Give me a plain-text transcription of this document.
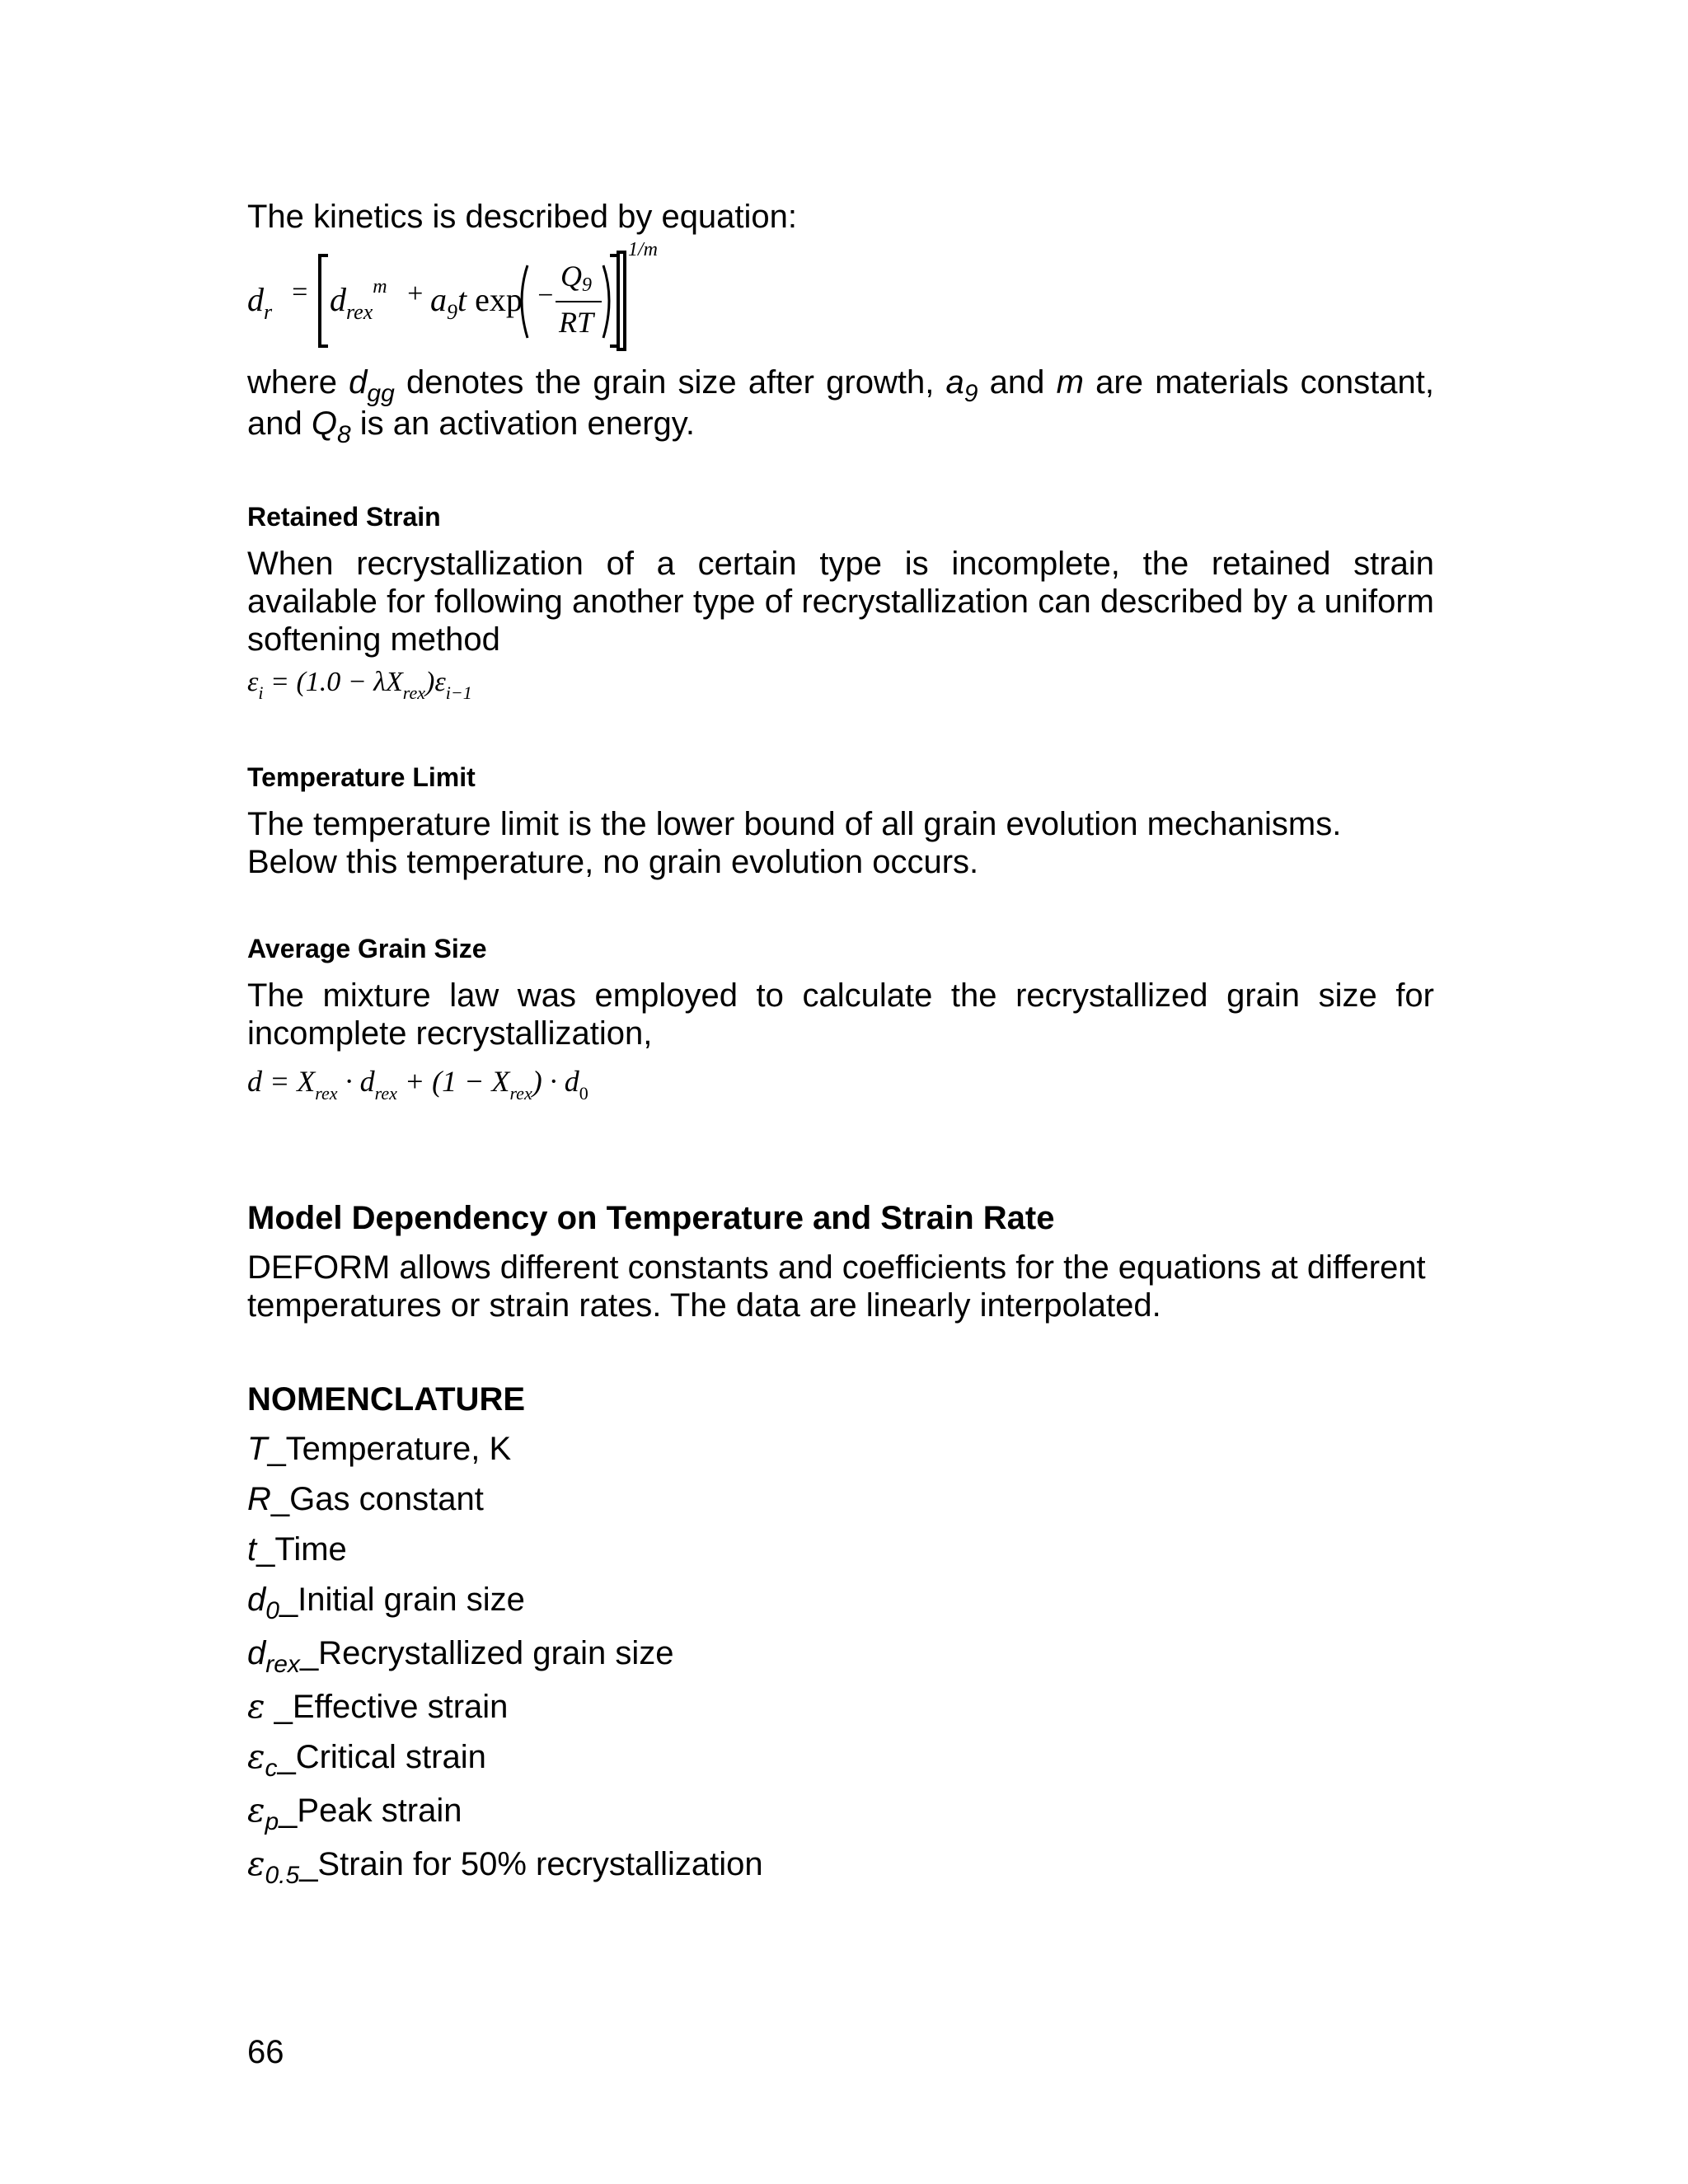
The kinetics is described by equation:

$d_r$
= $d_{rex}^m + a_9t$ exp −
Q9
RT
1/m

where $d_{gg}$ denotes the grain size after growth, $a_9$ and m are materials constant, and $Q_8$ is an activation energy.

Retained Strain

When recrystallization of a certain type is incomplete, the retained strain available for following another type of recrystallization can described by a uniform softening method

$\varepsilon_i = (1.0 - \lambda X_{rex})\varepsilon_{i-1}$

Temperature Limit

The temperature limit is the lower bound of all grain evolution mechanisms.

Below this temperature, no grain evolution occurs.

Average Grain Size

The mixture law was employed to calculate the recrystallized grain size for incomplete recrystallization,

$d = X_{rex} \cdot d_{rex} + (1 - X_{rex}) \cdot d_0$

Model Dependency on Temperature and Strain Rate

DEFORM allows different constants and coefficients for the equations at different temperatures or strain rates. The data are linearly interpolated.

NOMENCLATURE

T_Temperature, K

R_Gas constant

t_Time

$d_0\_Initial$ grain size

$d_{rex}\_Recrystallized$ grain size

ε _Effective strain

$\varepsilon_c\_Critical$ strain

$\varepsilon_p\_Peak$ strain

$\varepsilon_{0.5}\_Strain$ for 50% recrystallization

66
